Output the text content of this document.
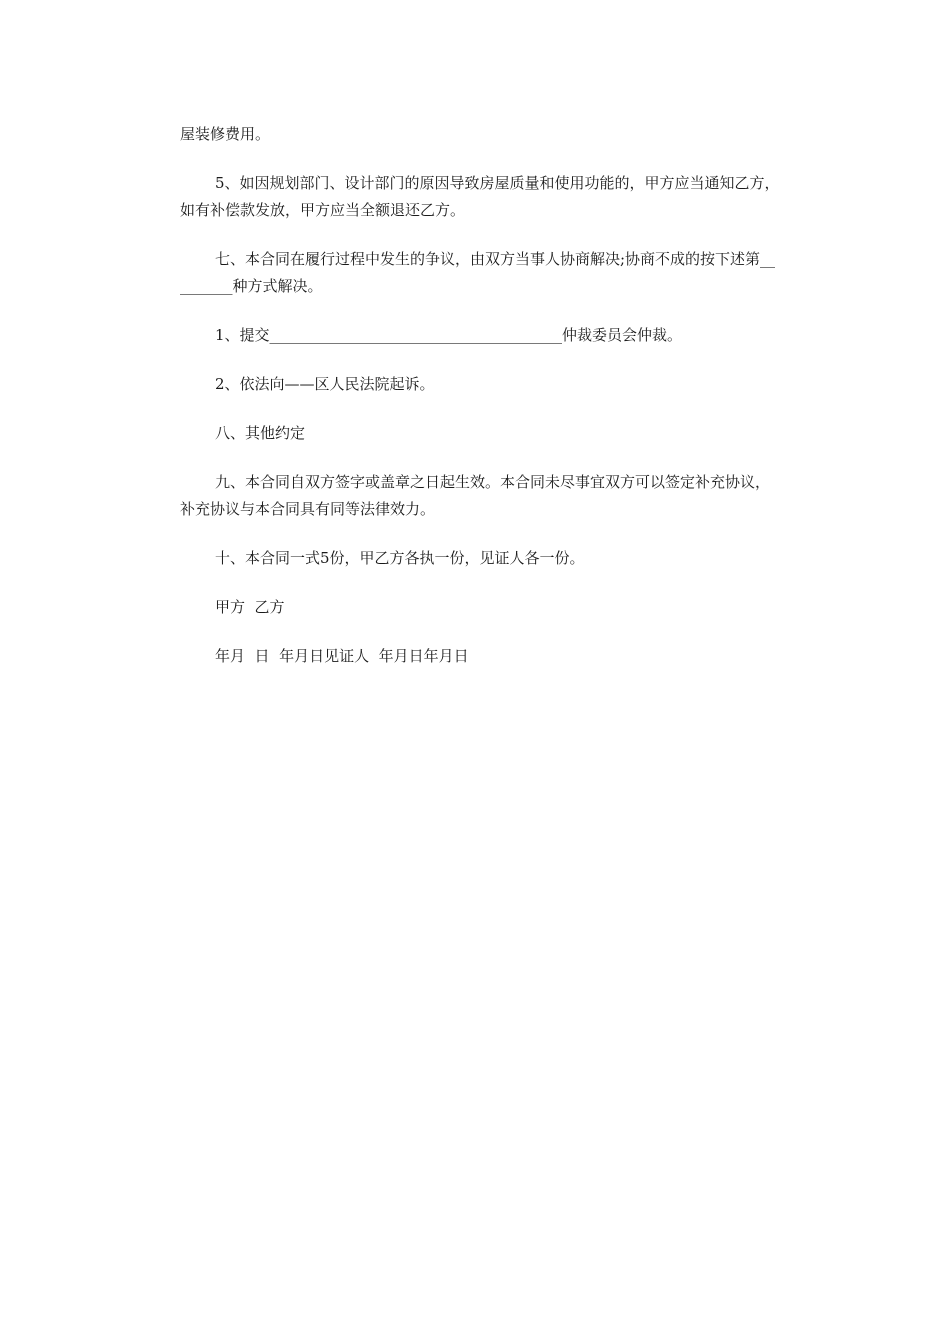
屋装修费用。

5、如因规划部门、设计部门的原因导致房屋质量和使用功能的，甲方应当通知乙方，如有补偿款发放，甲方应当全额退还乙方。

七、本合同在履行过程中发生的争议，由双方当事人协商解决;协商不成的按下述第_________种方式解决。

1、提交_______________________________________仲裁委员会仲裁。

2、依法向——区人民法院起诉。

八、其他约定

九、本合同自双方签字或盖章之日起生效。本合同未尽事宜双方可以签定补充协议，补充协议与本合同具有同等法律效力。

十、本合同一式5份，甲乙方各执一份，见证人各一份。

甲方  乙方

年月  日  年月日见证人  年月日年月日
